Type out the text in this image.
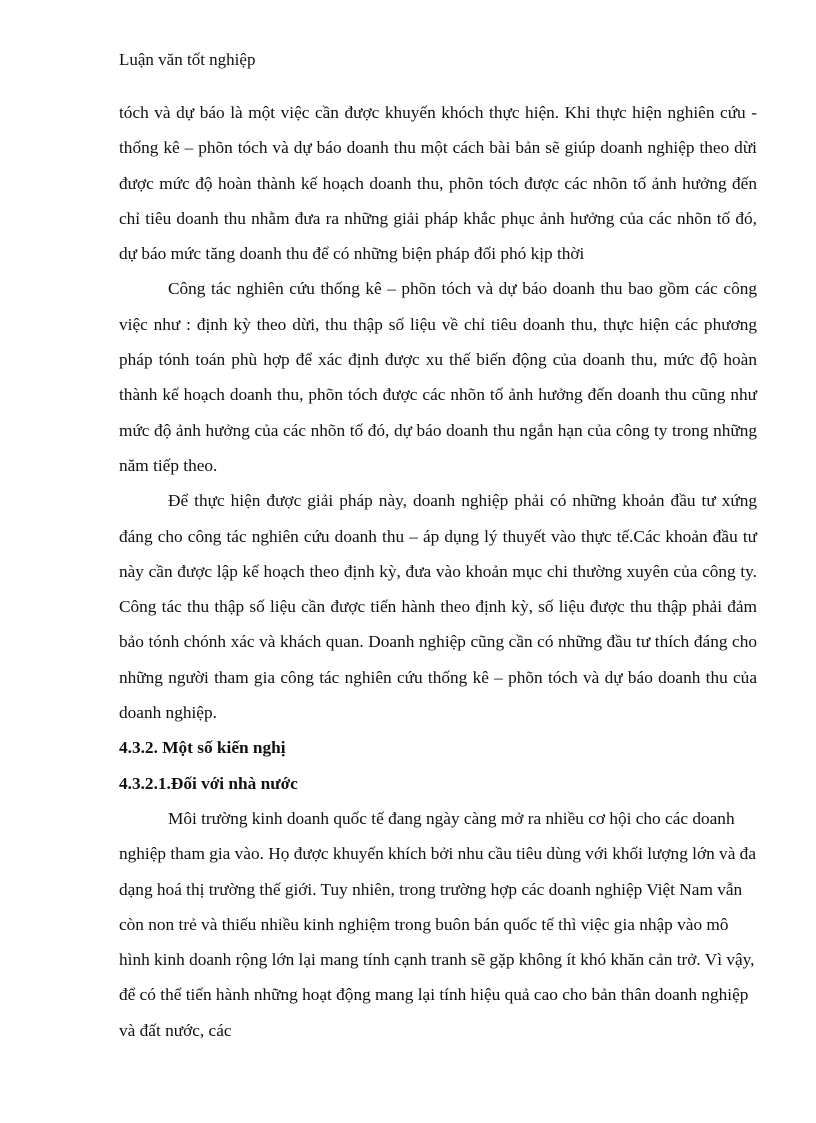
Luận văn tốt nghiệp

tóch và dự báo là một việc cần được khuyến khóch thực hiện. Khi thực hiện nghiên cứu - thống kê – phõn tóch và dự báo doanh thu một cách bài bản sẽ giúp doanh nghiệp theo dừi được mức độ hoàn thành kế hoạch doanh thu, phõn tóch được các nhõn tố ảnh hưởng đến chỉ tiêu doanh thu nhằm đưa ra những giải pháp khắc phục ảnh hưởng của các nhõn tố đó, dự báo mức tăng doanh thu để có những biện pháp đối phó kịp thời

Công tác nghiên cứu thống kê – phõn tóch và dự báo doanh thu bao gồm các công việc như : định kỳ theo dừi, thu thập số liệu về chỉ tiêu doanh thu, thực hiện các phương pháp tónh toán phù hợp để xác định được xu thế biến động của doanh thu, mức độ hoàn thành kế hoạch doanh thu, phõn tóch được các nhõn tố ảnh hưởng đến doanh thu cũng như mức độ ảnh hưởng của các nhõn tố đó, dự báo doanh thu ngắn hạn của công ty trong những năm tiếp theo.

Để thực hiện được giải pháp này, doanh nghiệp phải có những khoản đầu tư xứng đáng cho công tác nghiên cứu doanh thu – áp dụng lý thuyết vào thực tế.Các khoản đầu tư này cần được lập kế hoạch theo định kỳ, đưa vào khoản mục chi thường xuyên của công ty. Công tác thu thập số liệu cần được tiến hành theo định kỳ, số liệu được thu thập phải đảm bảo tónh chónh xác và khách quan. Doanh nghiệp cũng cần có những đầu tư thích đáng cho những người tham gia công tác nghiên cứu thống kê – phõn tóch và dự báo doanh thu của doanh nghiệp.

4.3.2. Một số kiến nghị
4.3.2.1.Đối với nhà nước

Môi trường kinh doanh quốc tế đang ngày càng mở ra nhiều cơ hội cho các doanh nghiệp tham gia vào. Họ được khuyến khích bởi nhu cầu tiêu dùng với khối lượng lớn và đa dạng hoá thị trường thế giới. Tuy nhiên, trong trường hợp các doanh nghiệp Việt Nam vẫn còn non trẻ và thiếu nhiều kinh nghiệm trong buôn bán quốc tế thì việc gia nhập vào mô hình kinh doanh rộng lớn lại mang tính cạnh tranh sẽ gặp không ít khó khăn cản trở. Vì vậy, để có thể tiến hành những hoạt động mang lại tính hiệu quả cao cho bản thân doanh nghiệp và đất nước, các
